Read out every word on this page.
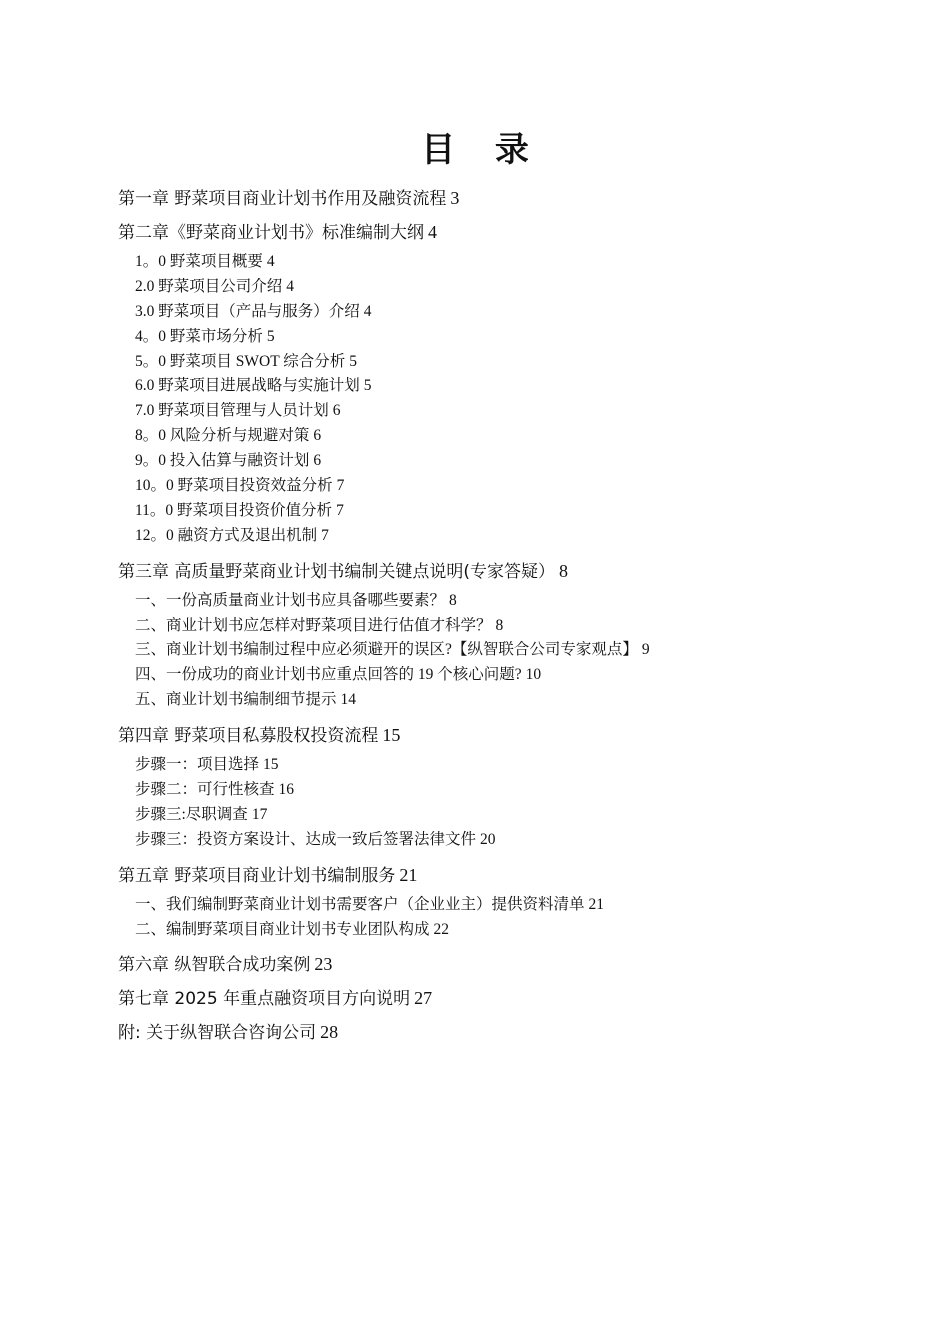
目 录
第一章 野菜项目商业计划书作用及融资流程 3
第二章《野菜商业计划书》标准编制大纲 4
1。0 野菜项目概要 4
2.0 野菜项目公司介绍 4
3.0 野菜项目（产品与服务）介绍 4
4。0 野菜市场分析 5
5。0 野菜项目 SWOT 综合分析 5
6.0 野菜项目进展战略与实施计划 5
7.0 野菜项目管理与人员计划 6
8。0 风险分析与规避对策 6
9。0 投入估算与融资计划 6
10。0 野菜项目投资效益分析 7
11。0 野菜项目投资价值分析 7
12。0 融资方式及退出机制 7
第三章 高质量野菜商业计划书编制关键点说明(专家答疑） 8
一、一份高质量商业计划书应具备哪些要素？ 8
二、商业计划书应怎样对野菜项目进行估值才科学？ 8
三、商业计划书编制过程中应必须避开的误区?【纵智联合公司专家观点】 9
四、一份成功的商业计划书应重点回答的 19 个核心问题? 10
五、商业计划书编制细节提示 14
第四章 野菜项目私募股权投资流程 15
步骤一：项目选择 15
步骤二：可行性核查 16
步骤三:尽职调查 17
步骤三：投资方案设计、达成一致后签署法律文件 20
第五章 野菜项目商业计划书编制服务 21
一、我们编制野菜商业计划书需要客户（企业业主）提供资料清单 21
二、编制野菜项目商业计划书专业团队构成 22
第六章 纵智联合成功案例 23
第七章 2025 年重点融资项目方向说明 27
附: 关于纵智联合咨询公司 28
